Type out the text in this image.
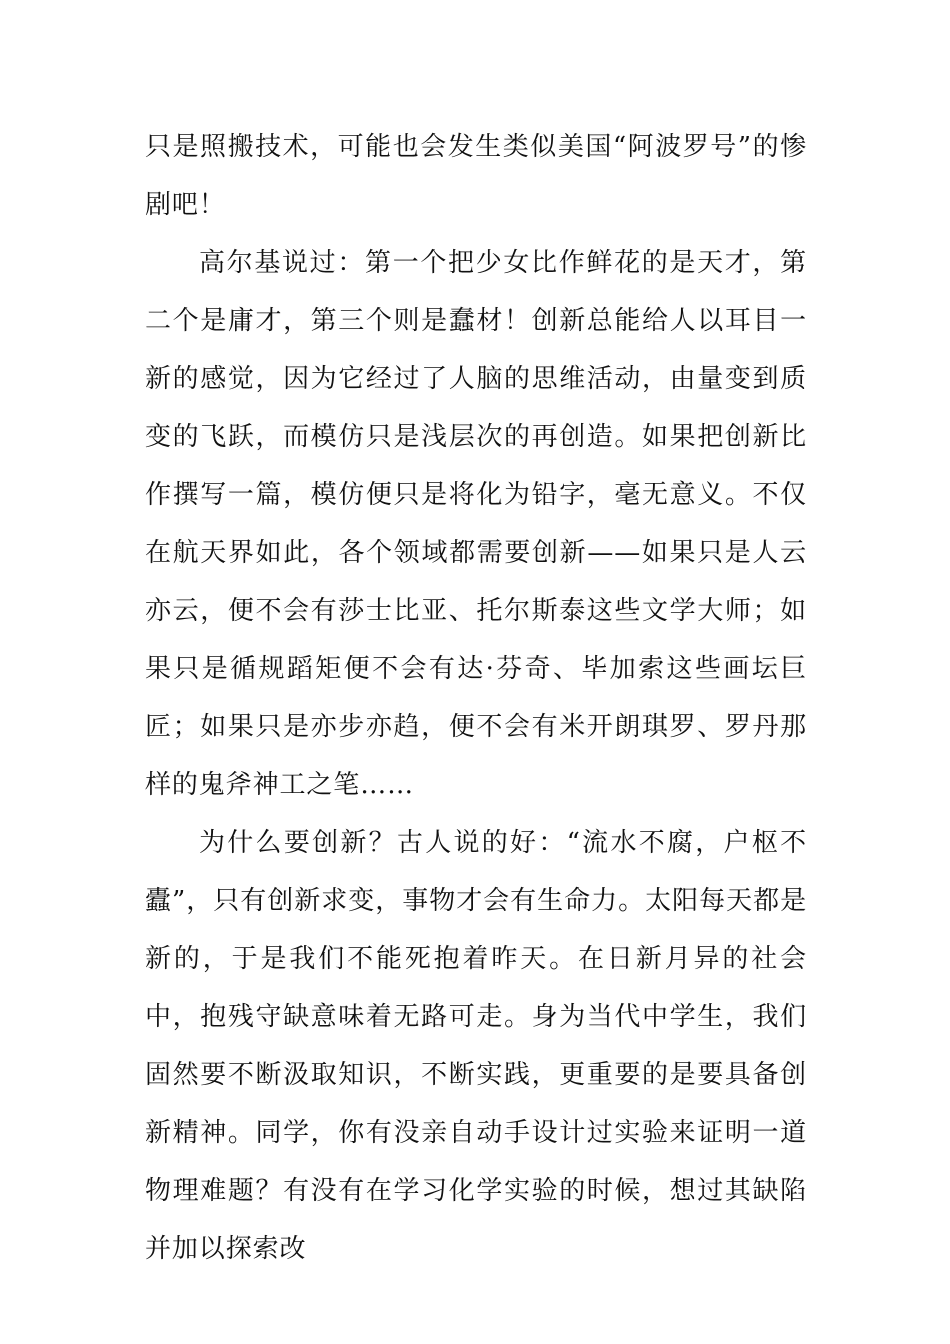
只是照搬技术，可能也会发生类似美国“阿波罗号”的惨剧吧！

高尔基说过：第一个把少女比作鲜花的是天才，第二个是庸才，第三个则是蠢材！创新总能给人以耳目一新的感觉，因为它经过了人脑的思维活动，由量变到质变的飞跃，而模仿只是浅层次的再创造。如果把创新比作撰写一篇，模仿便只是将化为铅字，毫无意义。不仅在航天界如此，各个领域都需要创新——如果只是人云亦云，便不会有莎士比亚、托尔斯泰这些文学大师；如果只是循规蹈矩便不会有达·芬奇、毕加索这些画坛巨匠；如果只是亦步亦趋，便不会有米开朗琪罗、罗丹那样的鬼斧神工之笔……

为什么要创新？古人说的好：“流水不腐，户枢不蠹”，只有创新求变，事物才会有生命力。太阳每天都是新的，于是我们不能死抱着昨天。在日新月异的社会中，抱残守缺意味着无路可走。身为当代中学生，我们固然要不断汲取知识，不断实践，更重要的是要具备创新精神。同学，你有没亲自动手设计过实验来证明一道物理难题？有没有在学习化学实验的时候，想过其缺陷并加以探索改
